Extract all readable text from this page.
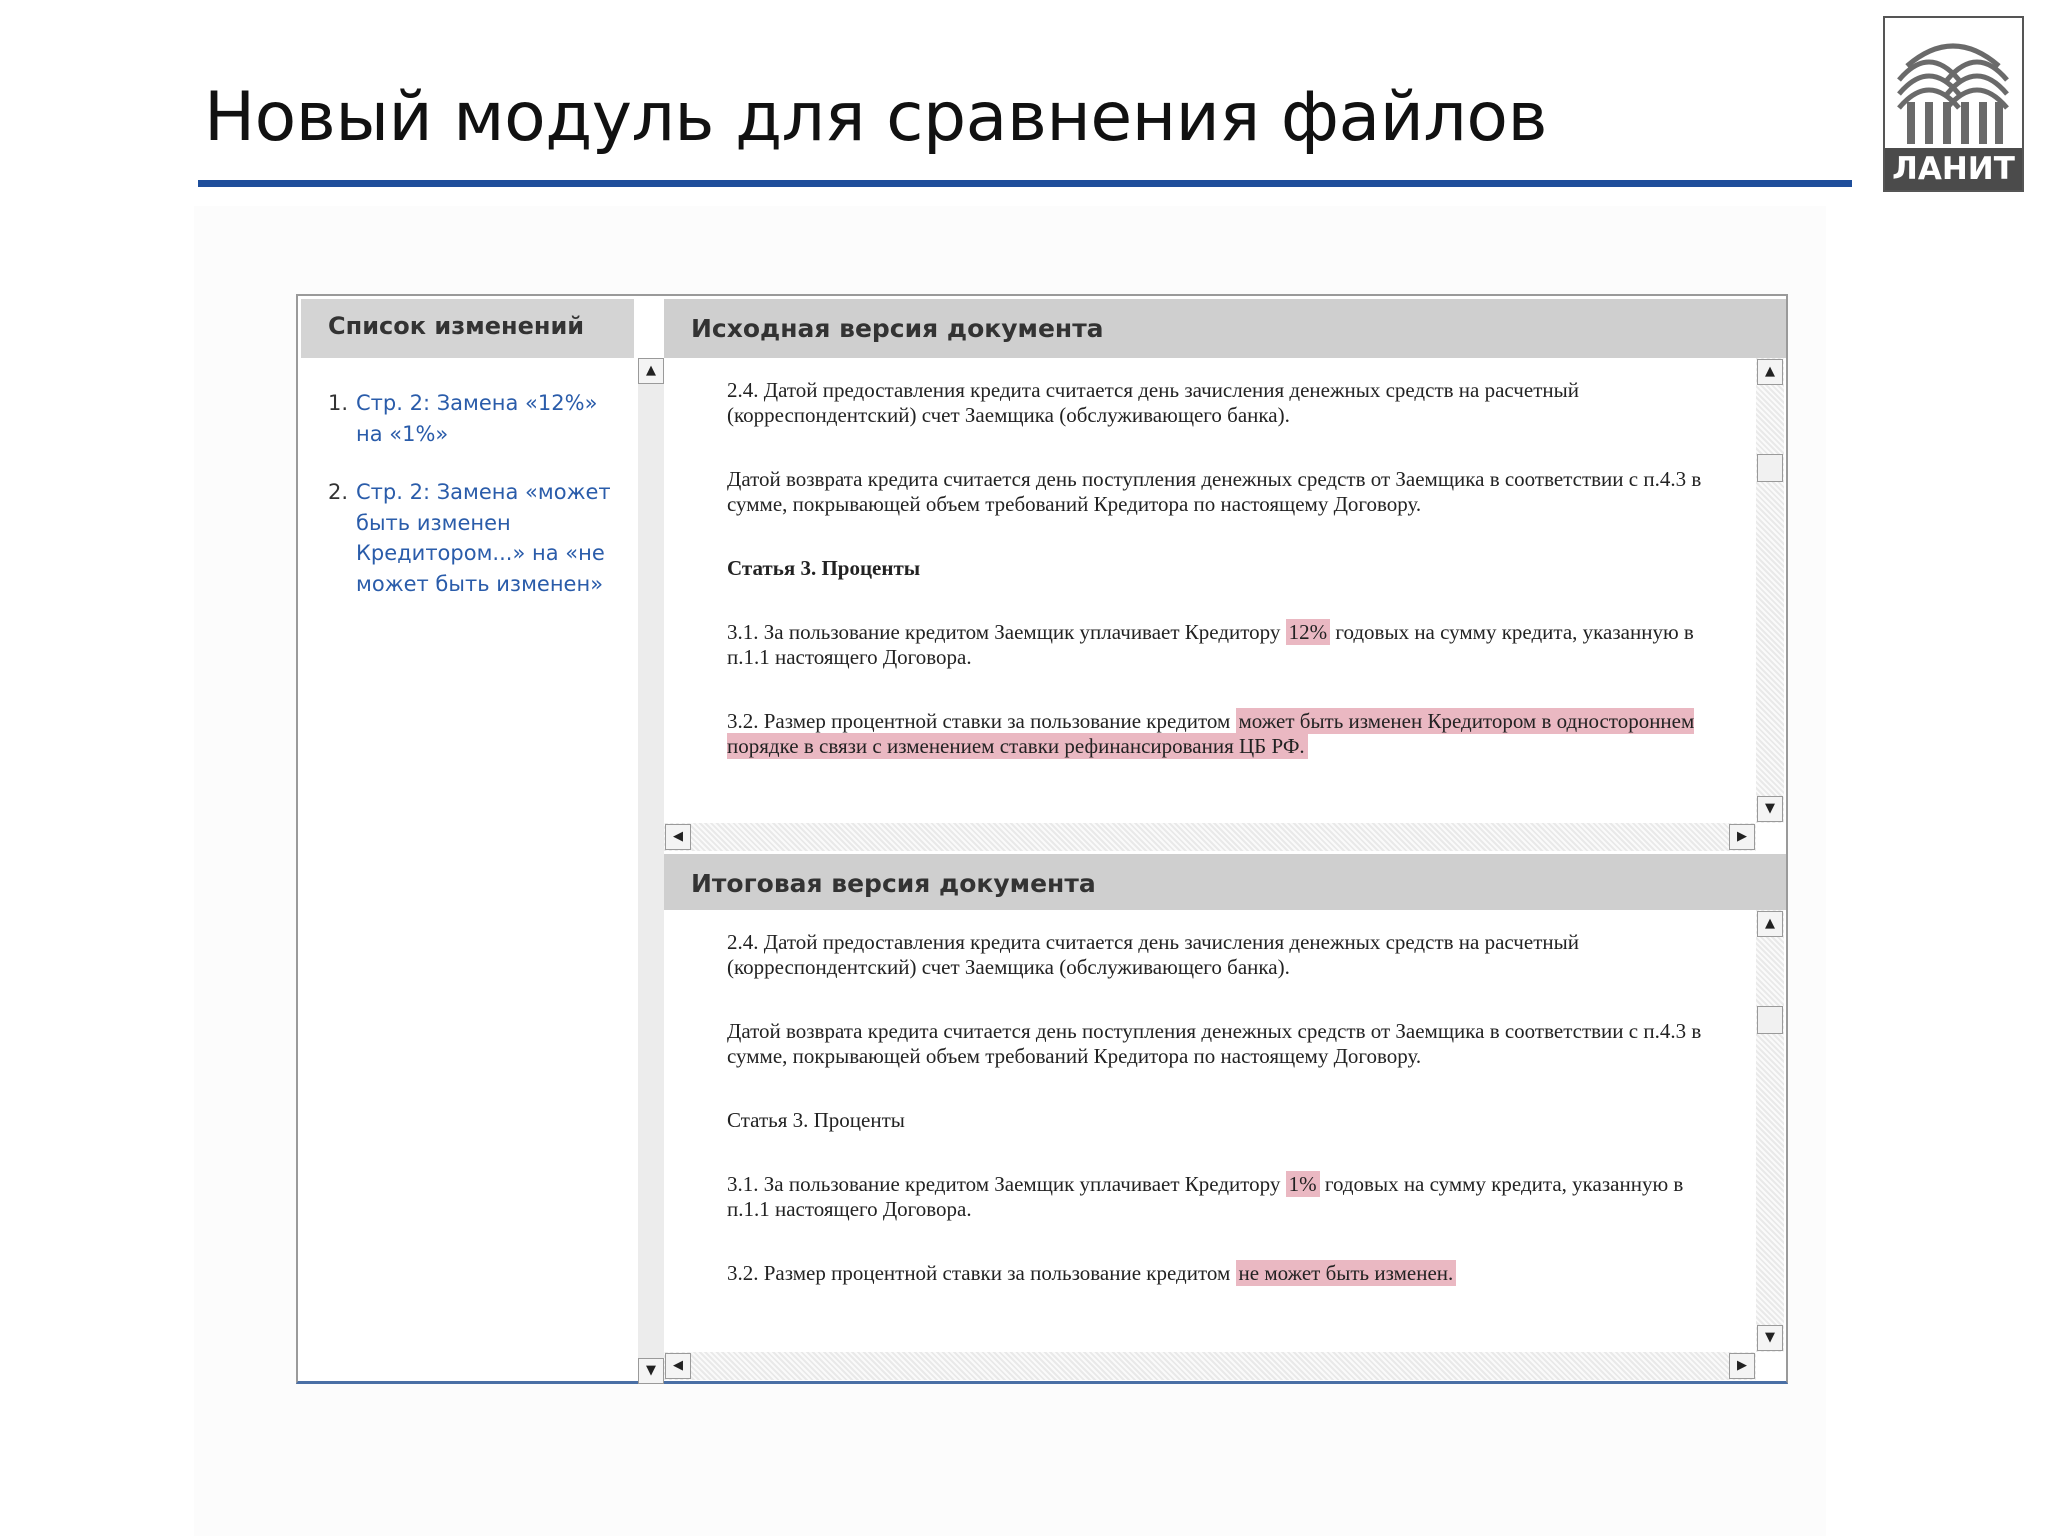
Новый модуль для сравнения файлов
ЛАНИТ
Список изменений
1. Стр. 2: Замена «12%» на «1%»
2. Стр. 2: Замена «может быть изменен Кредитором...» на «не может быть изменен»
▲
▼
Исходная версия документа

2.4. Датой предоставления кредита считается день зачисления денежных средств на расчетный (корреспондентский) счет Заемщика (обслуживающего банка).

Датой возврата кредита считается день поступления денежных средств от Заемщика в соответствии с п.4.3 в сумме, покрывающей объем требований Кредитора по настоящему Договору.

Статья 3. Проценты

3.1. За пользование кредитом Заемщик уплачивает Кредитору 12% годовых на сумму кредита, указанную в п.1.1 настоящего Договора.

3.2. Размер процентной ставки за пользование кредитом может быть изменен Кредитором в одностороннем порядке в связи с изменением ставки рефинансирования ЦБ РФ.

▲
▼
◀	▶
Итоговая версия документа

2.4. Датой предоставления кредита считается день зачисления денежных средств на расчетный (корреспондентский) счет Заемщика (обслуживающего банка).

Датой возврата кредита считается день поступления денежных средств от Заемщика в соответствии с п.4.3 в сумме, покрывающей объем требований Кредитора по настоящему Договору.

Статья 3. Проценты

3.1. За пользование кредитом Заемщик уплачивает Кредитору 1% годовых на сумму кредита, указанную в п.1.1 настоящего Договора.

3.2. Размер процентной ставки за пользование кредитом не может быть изменен.

▲
▼
◀	▶
